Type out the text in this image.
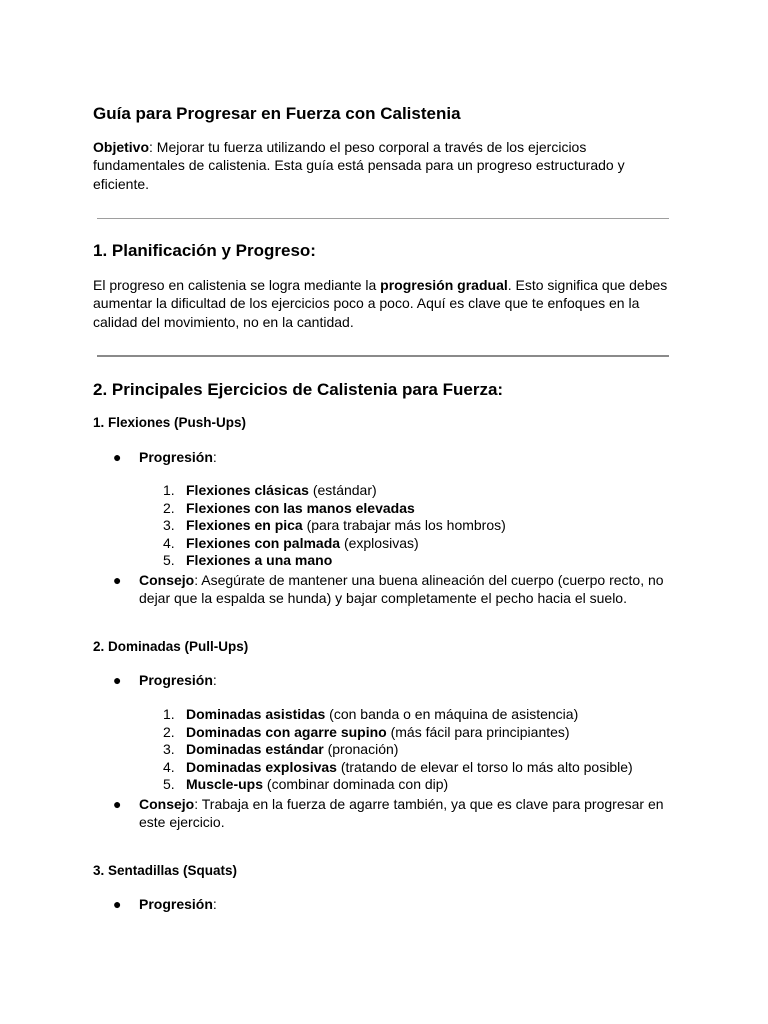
Guía para Progresar en Fuerza con Calistenia
Objetivo: Mejorar tu fuerza utilizando el peso corporal a través de los ejercicios fundamentales de calistenia. Esta guía está pensada para un progreso estructurado y eficiente.
1. Planificación y Progreso:
El progreso en calistenia se logra mediante la progresión gradual. Esto significa que debes aumentar la dificultad de los ejercicios poco a poco. Aquí es clave que te enfoques en la calidad del movimiento, no en la cantidad.
2. Principales Ejercicios de Calistenia para Fuerza:
1. Flexiones (Push-Ups)
● Progresión:
1. Flexiones clásicas (estándar)
2. Flexiones con las manos elevadas
3. Flexiones en pica (para trabajar más los hombros)
4. Flexiones con palmada (explosivas)
5. Flexiones a una mano
● Consejo: Asegúrate de mantener una buena alineación del cuerpo (cuerpo recto, no dejar que la espalda se hunda) y bajar completamente el pecho hacia el suelo.
2. Dominadas (Pull-Ups)
● Progresión:
1. Dominadas asistidas (con banda o en máquina de asistencia)
2. Dominadas con agarre supino (más fácil para principiantes)
3. Dominadas estándar (pronación)
4. Dominadas explosivas (tratando de elevar el torso lo más alto posible)
5. Muscle-ups (combinar dominada con dip)
● Consejo: Trabaja en la fuerza de agarre también, ya que es clave para progresar en este ejercicio.
3. Sentadillas (Squats)
● Progresión:
